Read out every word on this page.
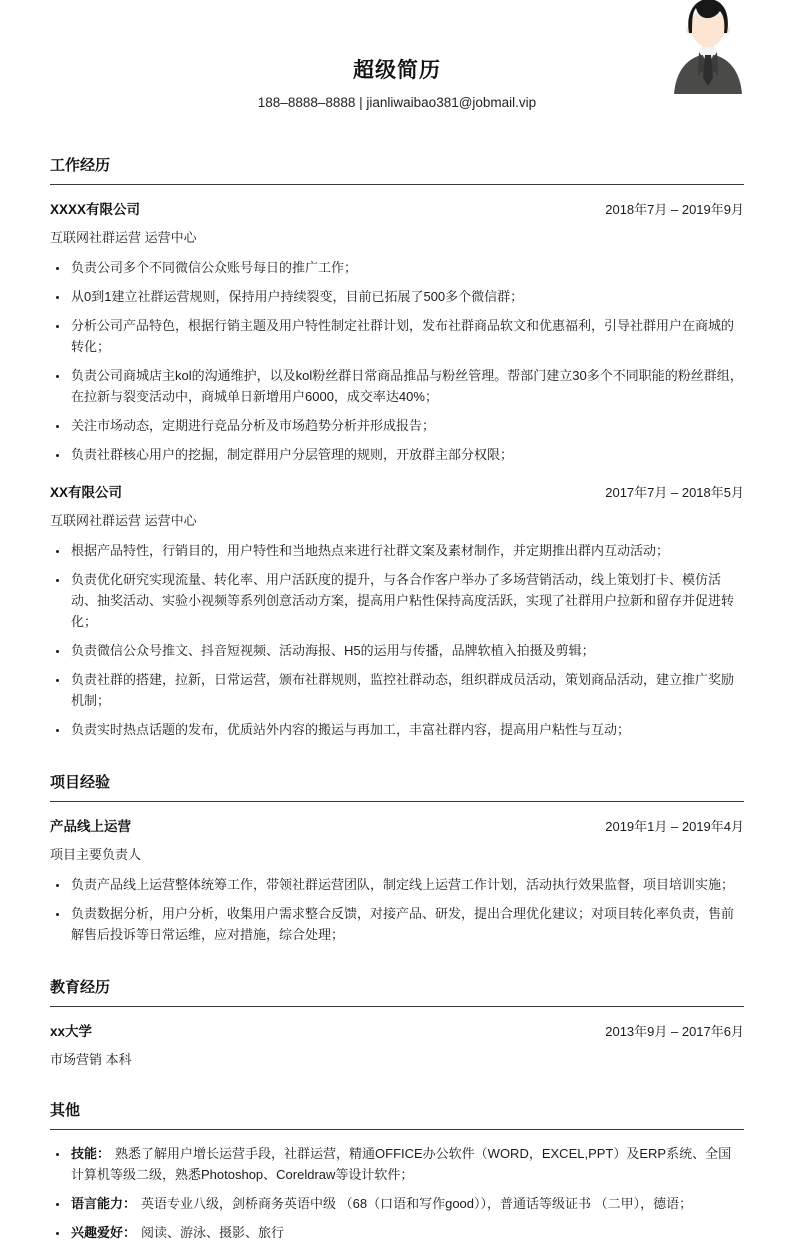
超级简历
188–8888–8888 | jianliwaibao381@jobmail.vip
工作经历
XXXX有限公司	2018年7月 – 2019年9月
互联网社群运营 运营中心
• 负责公司多个不同微信公众账号每日的推广工作；
• 从0到1建立社群运营规则，保持用户持续裂变，目前已拓展了500多个微信群；
• 分析公司产品特色，根据行销主题及用户特性制定社群计划，发布社群商品软文和优惠福利，引导社群用户在商城的转化；
• 负责公司商城店主kol的沟通维护，以及kol粉丝群日常商品推品与粉丝管理。帮部门建立30多个不同职能的粉丝群组，在拉新与裂变活动中，商城单日新增用户6000，成交率达40%；
• 关注市场动态，定期进行竞品分析及市场趋势分析并形成报告；
• 负责社群核心用户的挖掘，制定群用户分层管理的规则，开放群主部分权限；
XX有限公司	2017年7月 – 2018年5月
互联网社群运营 运营中心
• 根据产品特性，行销目的，用户特性和当地热点来进行社群文案及素材制作，并定期推出群内互动活动；
• 负责优化研究实现流量、转化率、用户活跃度的提升，与各合作客户举办了多场营销活动，线上策划打卡、模仿活动、抽奖活动、实验小视频等系列创意活动方案，提高用户粘性保持高度活跃，实现了社群用户拉新和留存并促进转化；
• 负责微信公众号推文、抖音短视频、活动海报、H5的运用与传播，品牌软植入拍摄及剪辑；
• 负责社群的搭建，拉新，日常运营，颁布社群规则，监控社群动态，组织群成员活动，策划商品活动，建立推广奖励机制；
• 负责实时热点话题的发布，优质站外内容的搬运与再加工，丰富社群内容，提高用户粘性与互动；
项目经验
产品线上运营	2019年1月 – 2019年4月
项目主要负责人
• 负责产品线上运营整体统筹工作，带领社群运营团队，制定线上运营工作计划，活动执行效果监督，项目培训实施；
• 负责数据分析，用户分析，收集用户需求整合反馈，对接产品、研发，提出合理优化建议；对项目转化率负责，售前解售后投诉等日常运维，应对措施，综合处理；
教育经历
xx大学	2013年9月 – 2017年6月
市场营销 本科
其他
• 技能： 熟悉了解用户增长运营手段，社群运营，精通OFFICE办公软件（WORD，EXCEL,PPT）及ERP系统、全国计算机等级二级，熟悉Photoshop、Coreldraw等设计软件；
• 语言能力： 英语专业八级，剑桥商务英语中级 （68（口语和写作good）），普通话等级证书 （二甲），德语；
• 兴趣爱好： 阅读、游泳、摄影、旅行
